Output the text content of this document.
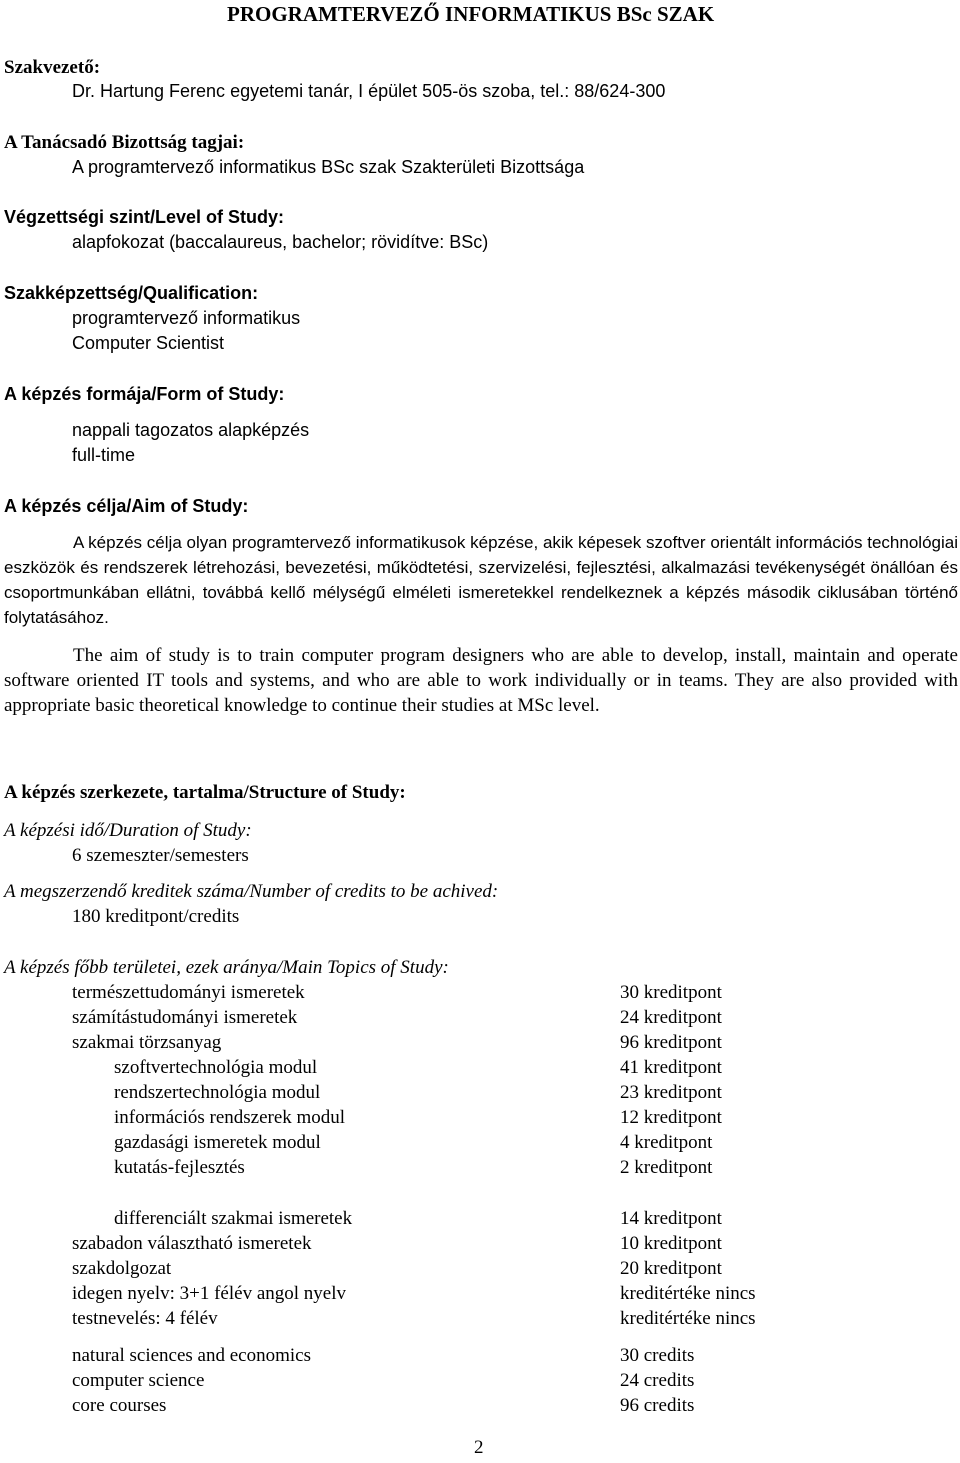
PROGRAMTERVEZŐ INFORMATIKUS BSc SZAK
Szakvezető:
Dr. Hartung Ferenc egyetemi tanár, I épület 505-ös szoba, tel.: 88/624-300
A Tanácsadó Bizottság tagjai:
A programtervező informatikus BSc szak Szakterületi Bizottsága
Végzettségi szint/Level of Study:
alapfokozat (baccalaureus, bachelor; rövidítve: BSc)
Szakképzettség/Qualification:
programtervező informatikus
Computer Scientist
A képzés formája/Form of Study:
nappali tagozatos alapképzés
full-time
A képzés célja/Aim of Study:

A képzés célja olyan programtervező informatikusok képzése, akik képesek szoftver orientált információs technológiai eszközök és rendszerek létrehozási, bevezetési, működtetési, szervizelési, fejlesztési, alkalmazási tevékenységét önállóan és csoportmunkában ellátni, továbbá kellő mélységű elméleti ismeretekkel rendelkeznek a képzés második ciklusában történő folytatásához.

The aim of study is to train computer program designers who are able to develop, install, maintain and operate software oriented IT tools and systems, and who are able to work individually or in teams. They are also provided with appropriate basic theoretical knowledge to continue their studies at MSc level.

A képzés szerkezete, tartalma/Structure of Study:
A képzési idő/Duration of Study:
6 szemeszter/semesters
A megszerzendő kreditek száma/Number of credits to be achived:
180 kreditpont/credits
A képzés főbb területei, ezek aránya/Main Topics of Study:
természettudományi ismeretek	30 kreditpont
számítástudományi ismeretek	24 kreditpont
szakmai törzsanyag	96 kreditpont
szoftvertechnológia modul	41 kreditpont
rendszertechnológia modul	23 kreditpont
információs rendszerek modul	12 kreditpont
gazdasági ismeretek modul	4 kreditpont
kutatás-fejlesztés	2 kreditpont
differenciált szakmai ismeretek	14 kreditpont
szabadon választható ismeretek	10 kreditpont
szakdolgozat	20 kreditpont
idegen nyelv: 3+1 félév angol nyelv	kreditértéke nincs
testnevelés: 4 félév	kreditértéke nincs
natural sciences and economics	30 credits
computer science	24 credits
core courses	96 credits
2
